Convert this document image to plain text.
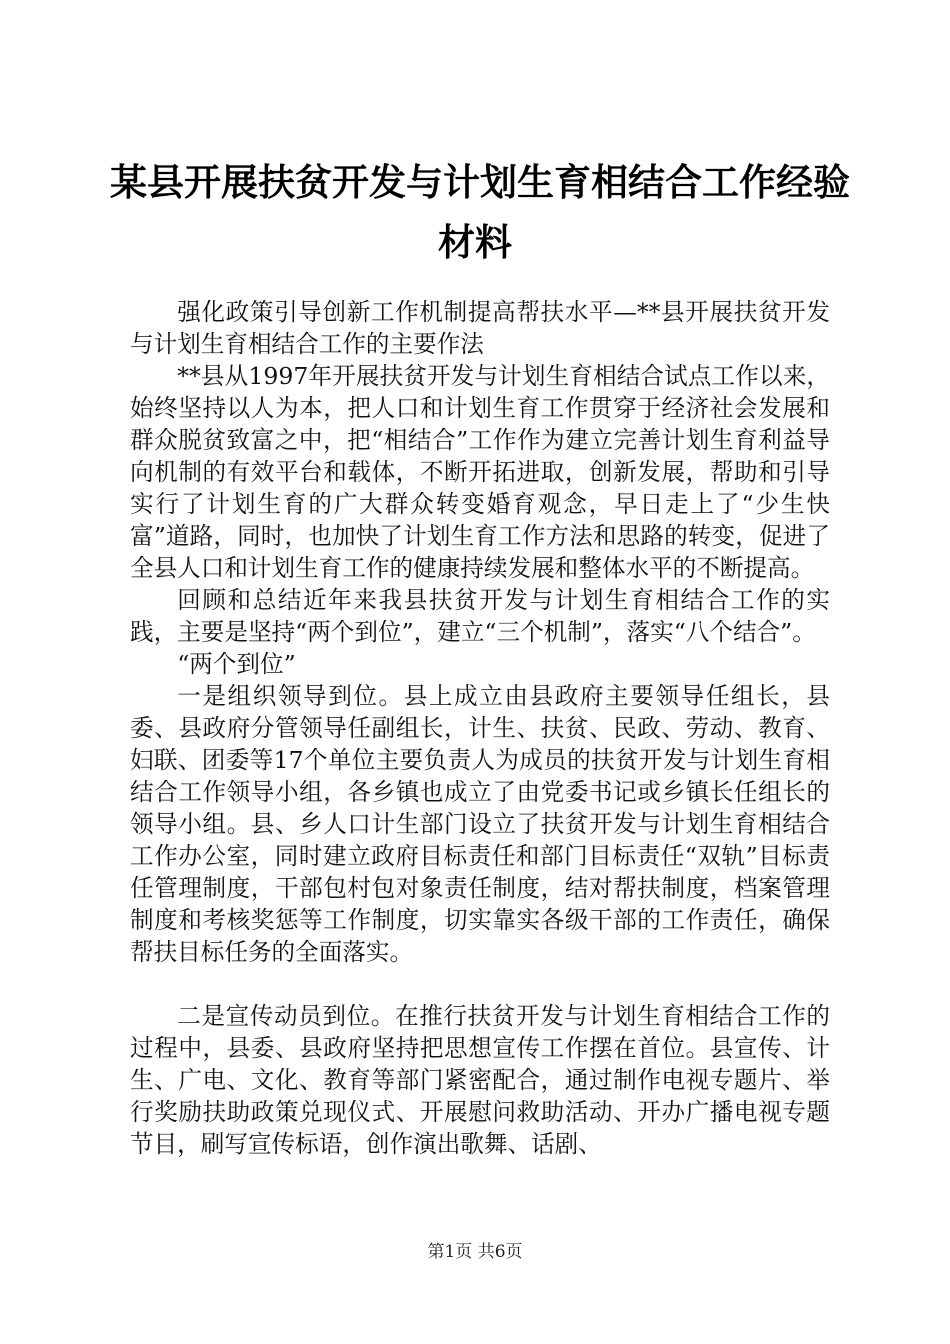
某县开展扶贫开发与计划生育相结合工作经验
材料

强化政策引导创新工作机制提高帮扶水平—**县开展扶贫开发与计划生育相结合工作的主要作法

**县从1997年开展扶贫开发与计划生育相结合试点工作以来，始终坚持以人为本，把人口和计划生育工作贯穿于经济社会发展和群众脱贫致富之中，把“相结合”工作作为建立完善计划生育利益导向机制的有效平台和载体，不断开拓进取，创新发展，帮助和引导实行了计划生育的广大群众转变婚育观念，早日走上了“少生快富”道路，同时，也加快了计划生育工作方法和思路的转变，促进了全县人口和计划生育工作的健康持续发展和整体水平的不断提高。

回顾和总结近年来我县扶贫开发与计划生育相结合工作的实践，主要是坚持“两个到位”，建立“三个机制”，落实“八个结合”。

“两个到位”

一是组织领导到位。县上成立由县政府主要领导任组长，县委、县政府分管领导任副组长，计生、扶贫、民政、劳动、教育、妇联、团委等17个单位主要负责人为成员的扶贫开发与计划生育相结合工作领导小组，各乡镇也成立了由党委书记或乡镇长任组长的领导小组。县、乡人口计生部门设立了扶贫开发与计划生育相结合工作办公室，同时建立政府目标责任和部门目标责任“双轨”目标责任管理制度，干部包村包对象责任制度，结对帮扶制度，档案管理制度和考核奖惩等工作制度，切实靠实各级干部的工作责任，确保帮扶目标任务的全面落实。

二是宣传动员到位。在推行扶贫开发与计划生育相结合工作的过程中，县委、县政府坚持把思想宣传工作摆在首位。县宣传、计生、广电、文化、教育等部门紧密配合，通过制作电视专题片、举行奖励扶助政策兑现仪式、开展慰问救助活动、开办广播电视专题节目，刷写宣传标语，创作演出歌舞、话剧、

第1页 共6页
